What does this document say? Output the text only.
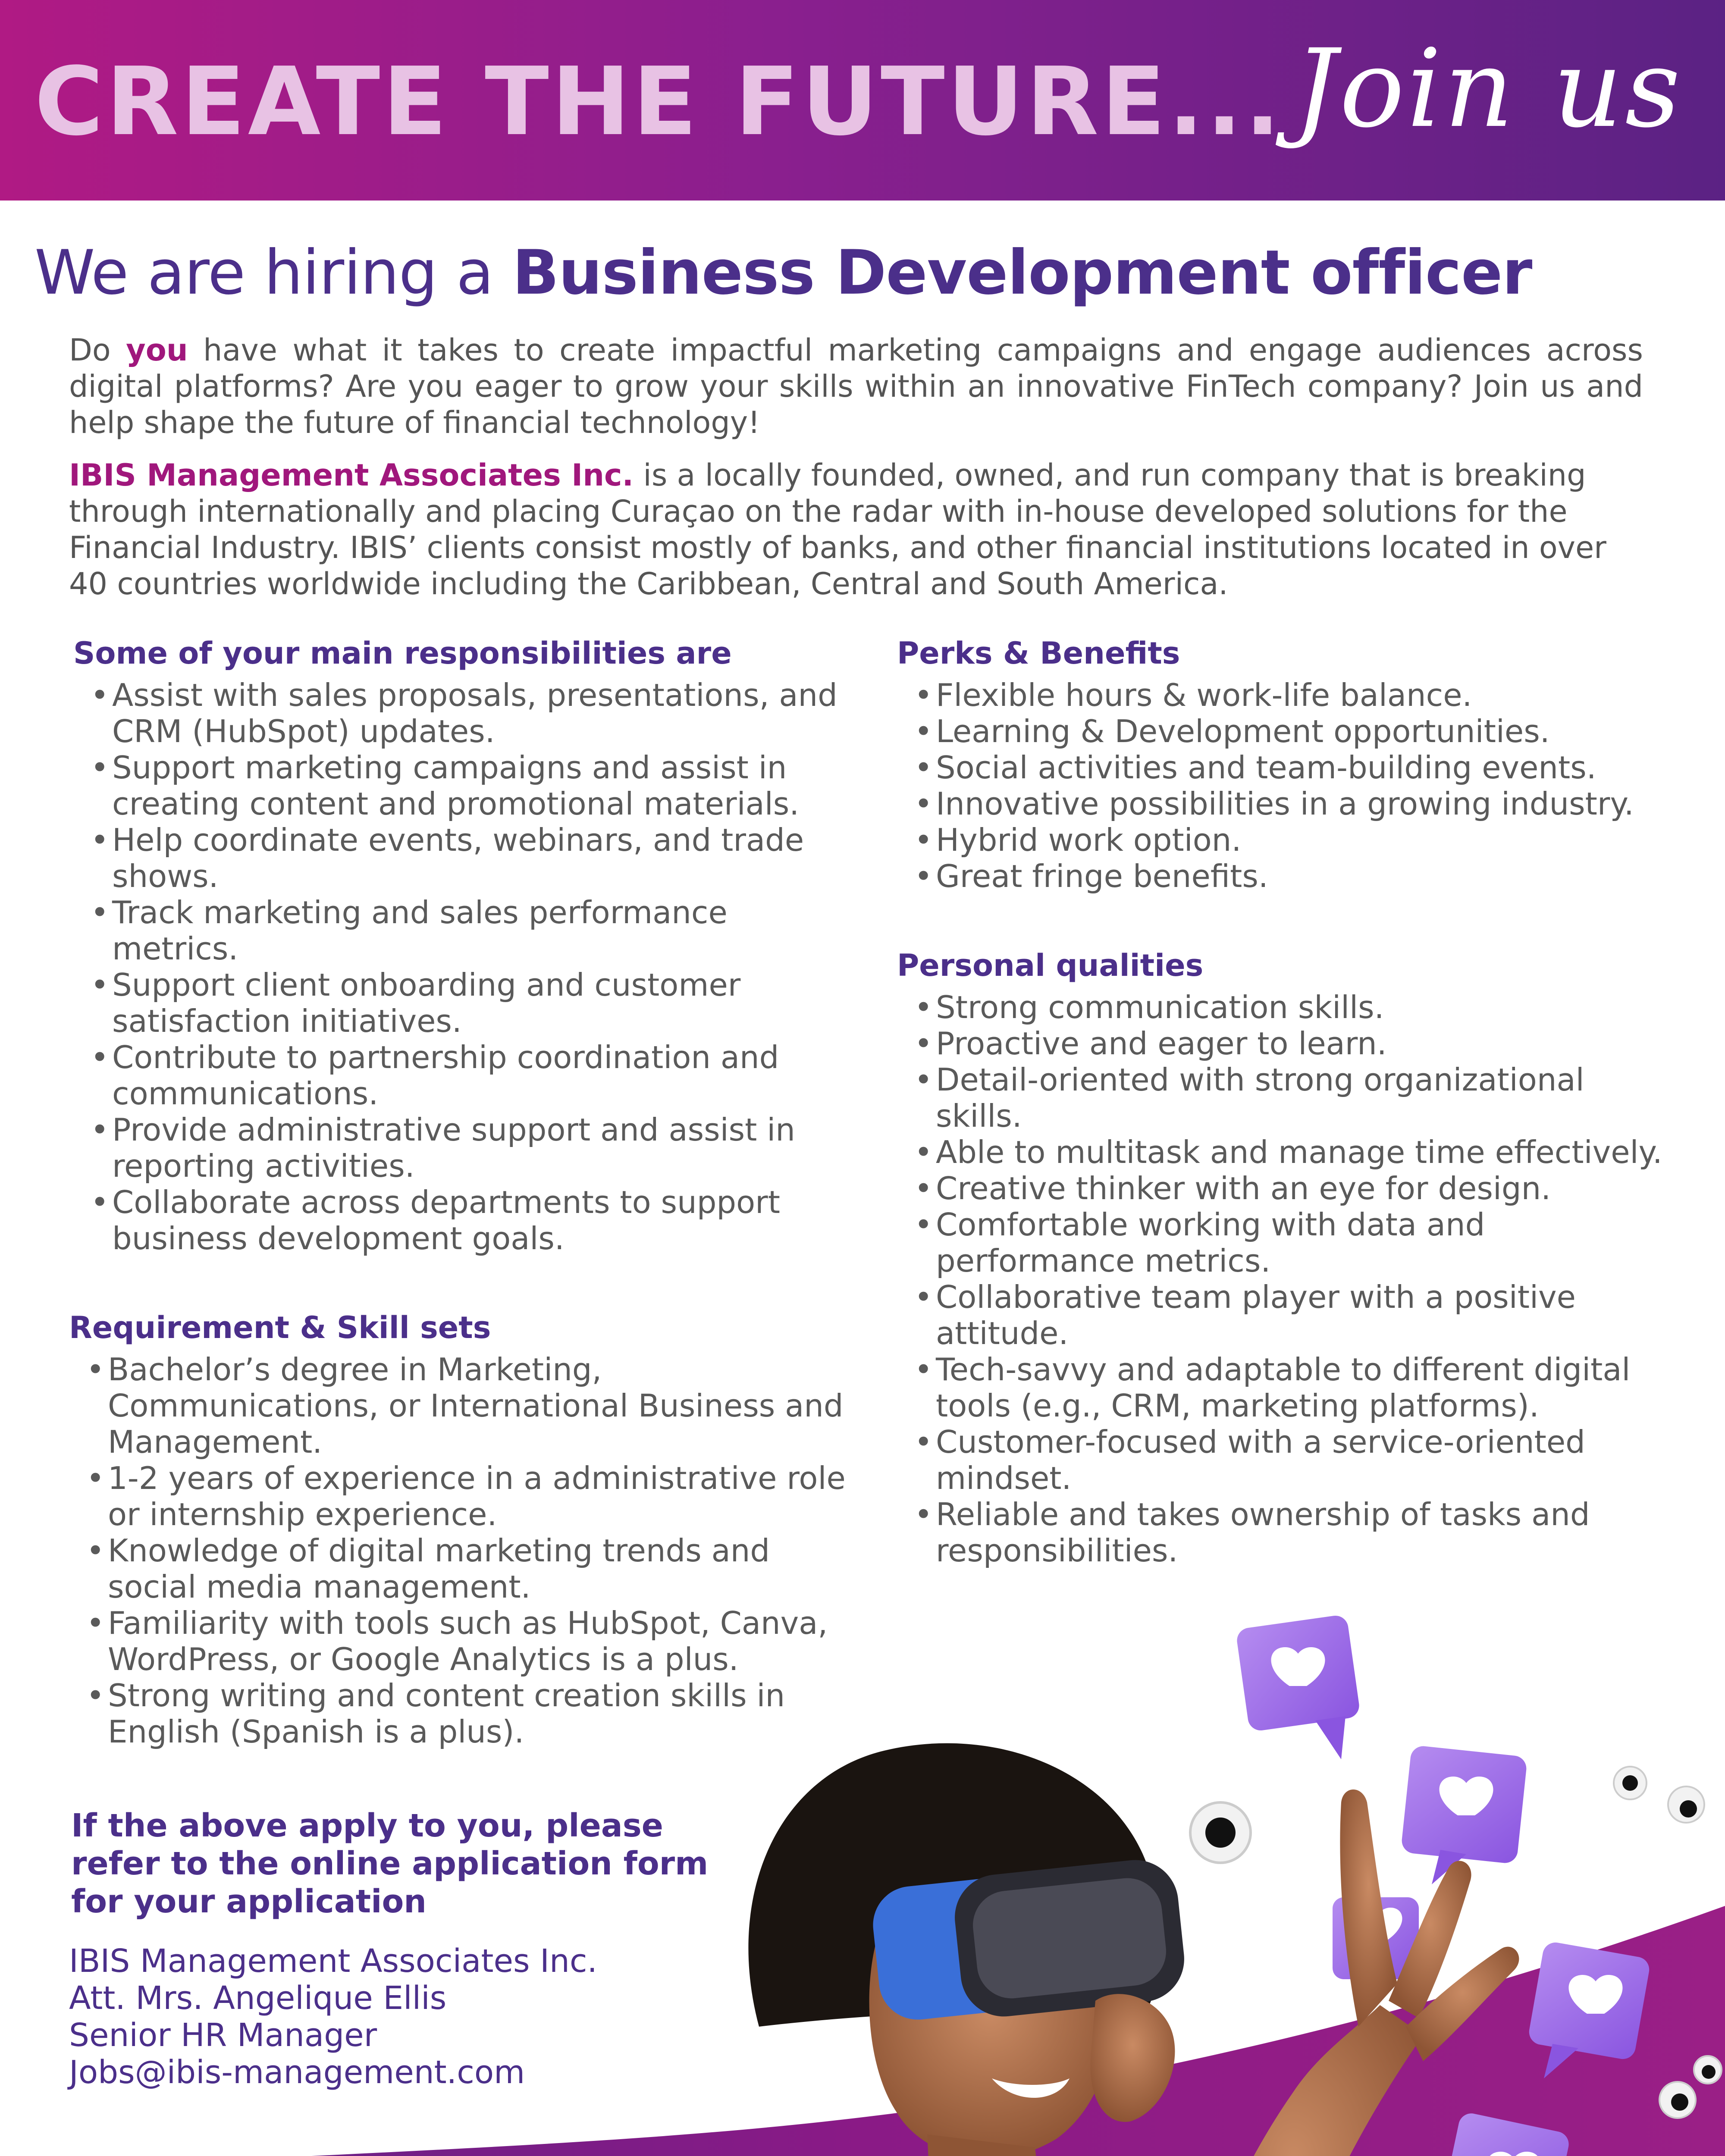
CREATE THE FUTURE... Join us
We are hiring a Business Development officer
Do you have what it takes to create impactful marketing campaigns and engage audiences across digital platforms? Are you eager to grow your skills within an innovative FinTech company? Join us and help shape the future of financial technology!
IBIS Management Associates Inc. is a locally founded, owned, and run company that is breaking through internationally and placing Curaçao on the radar with in-house developed solutions for the Financial Industry. IBIS’ clients consist mostly of banks, and other financial institutions located in over 40 countries worldwide including the Caribbean, Central and South America.
Some of your main responsibilities are
• Assist with sales proposals, presentations, and CRM (HubSpot) updates.
• Support marketing campaigns and assist in creating content and promotional materials.
• Help coordinate events, webinars, and trade shows.
• Track marketing and sales performance metrics.
• Support client onboarding and customer satisfaction initiatives.
• Contribute to partnership coordination and communications.
• Provide administrative support and assist in reporting activities.
• Collaborate across departments to support business development goals.
Requirement & Skill sets
• Bachelor’s degree in Marketing, Communications, or International Business and Management.
• 1-2 years of experience in a administrative role or internship experience.
• Knowledge of digital marketing trends and social media management.
• Familiarity with tools such as HubSpot, Canva, WordPress, or Google Analytics is a plus.
• Strong writing and content creation skills in English (Spanish is a plus).
Perks & Benefits
• Flexible hours & work-life balance.
• Learning & Development opportunities.
• Social activities and team-building events.
• Innovative possibilities in a growing industry.
• Hybrid work option.
• Great fringe benefits.
Personal qualities
• Strong communication skills.
• Proactive and eager to learn.
• Detail-oriented with strong organizational skills.
• Able to multitask and manage time effectively.
• Creative thinker with an eye for design.
• Comfortable working with data and performance metrics.
• Collaborative team player with a positive attitude.
• Tech-savvy and adaptable to different digital tools (e.g., CRM, marketing platforms).
• Customer-focused with a service-oriented mindset.
• Reliable and takes ownership of tasks and responsibilities.
If the above apply to you, please refer to the online application form for your application
IBIS Management Associates Inc.
Att. Mrs. Angelique Ellis
Senior HR Manager
Jobs@ibis-management.com
